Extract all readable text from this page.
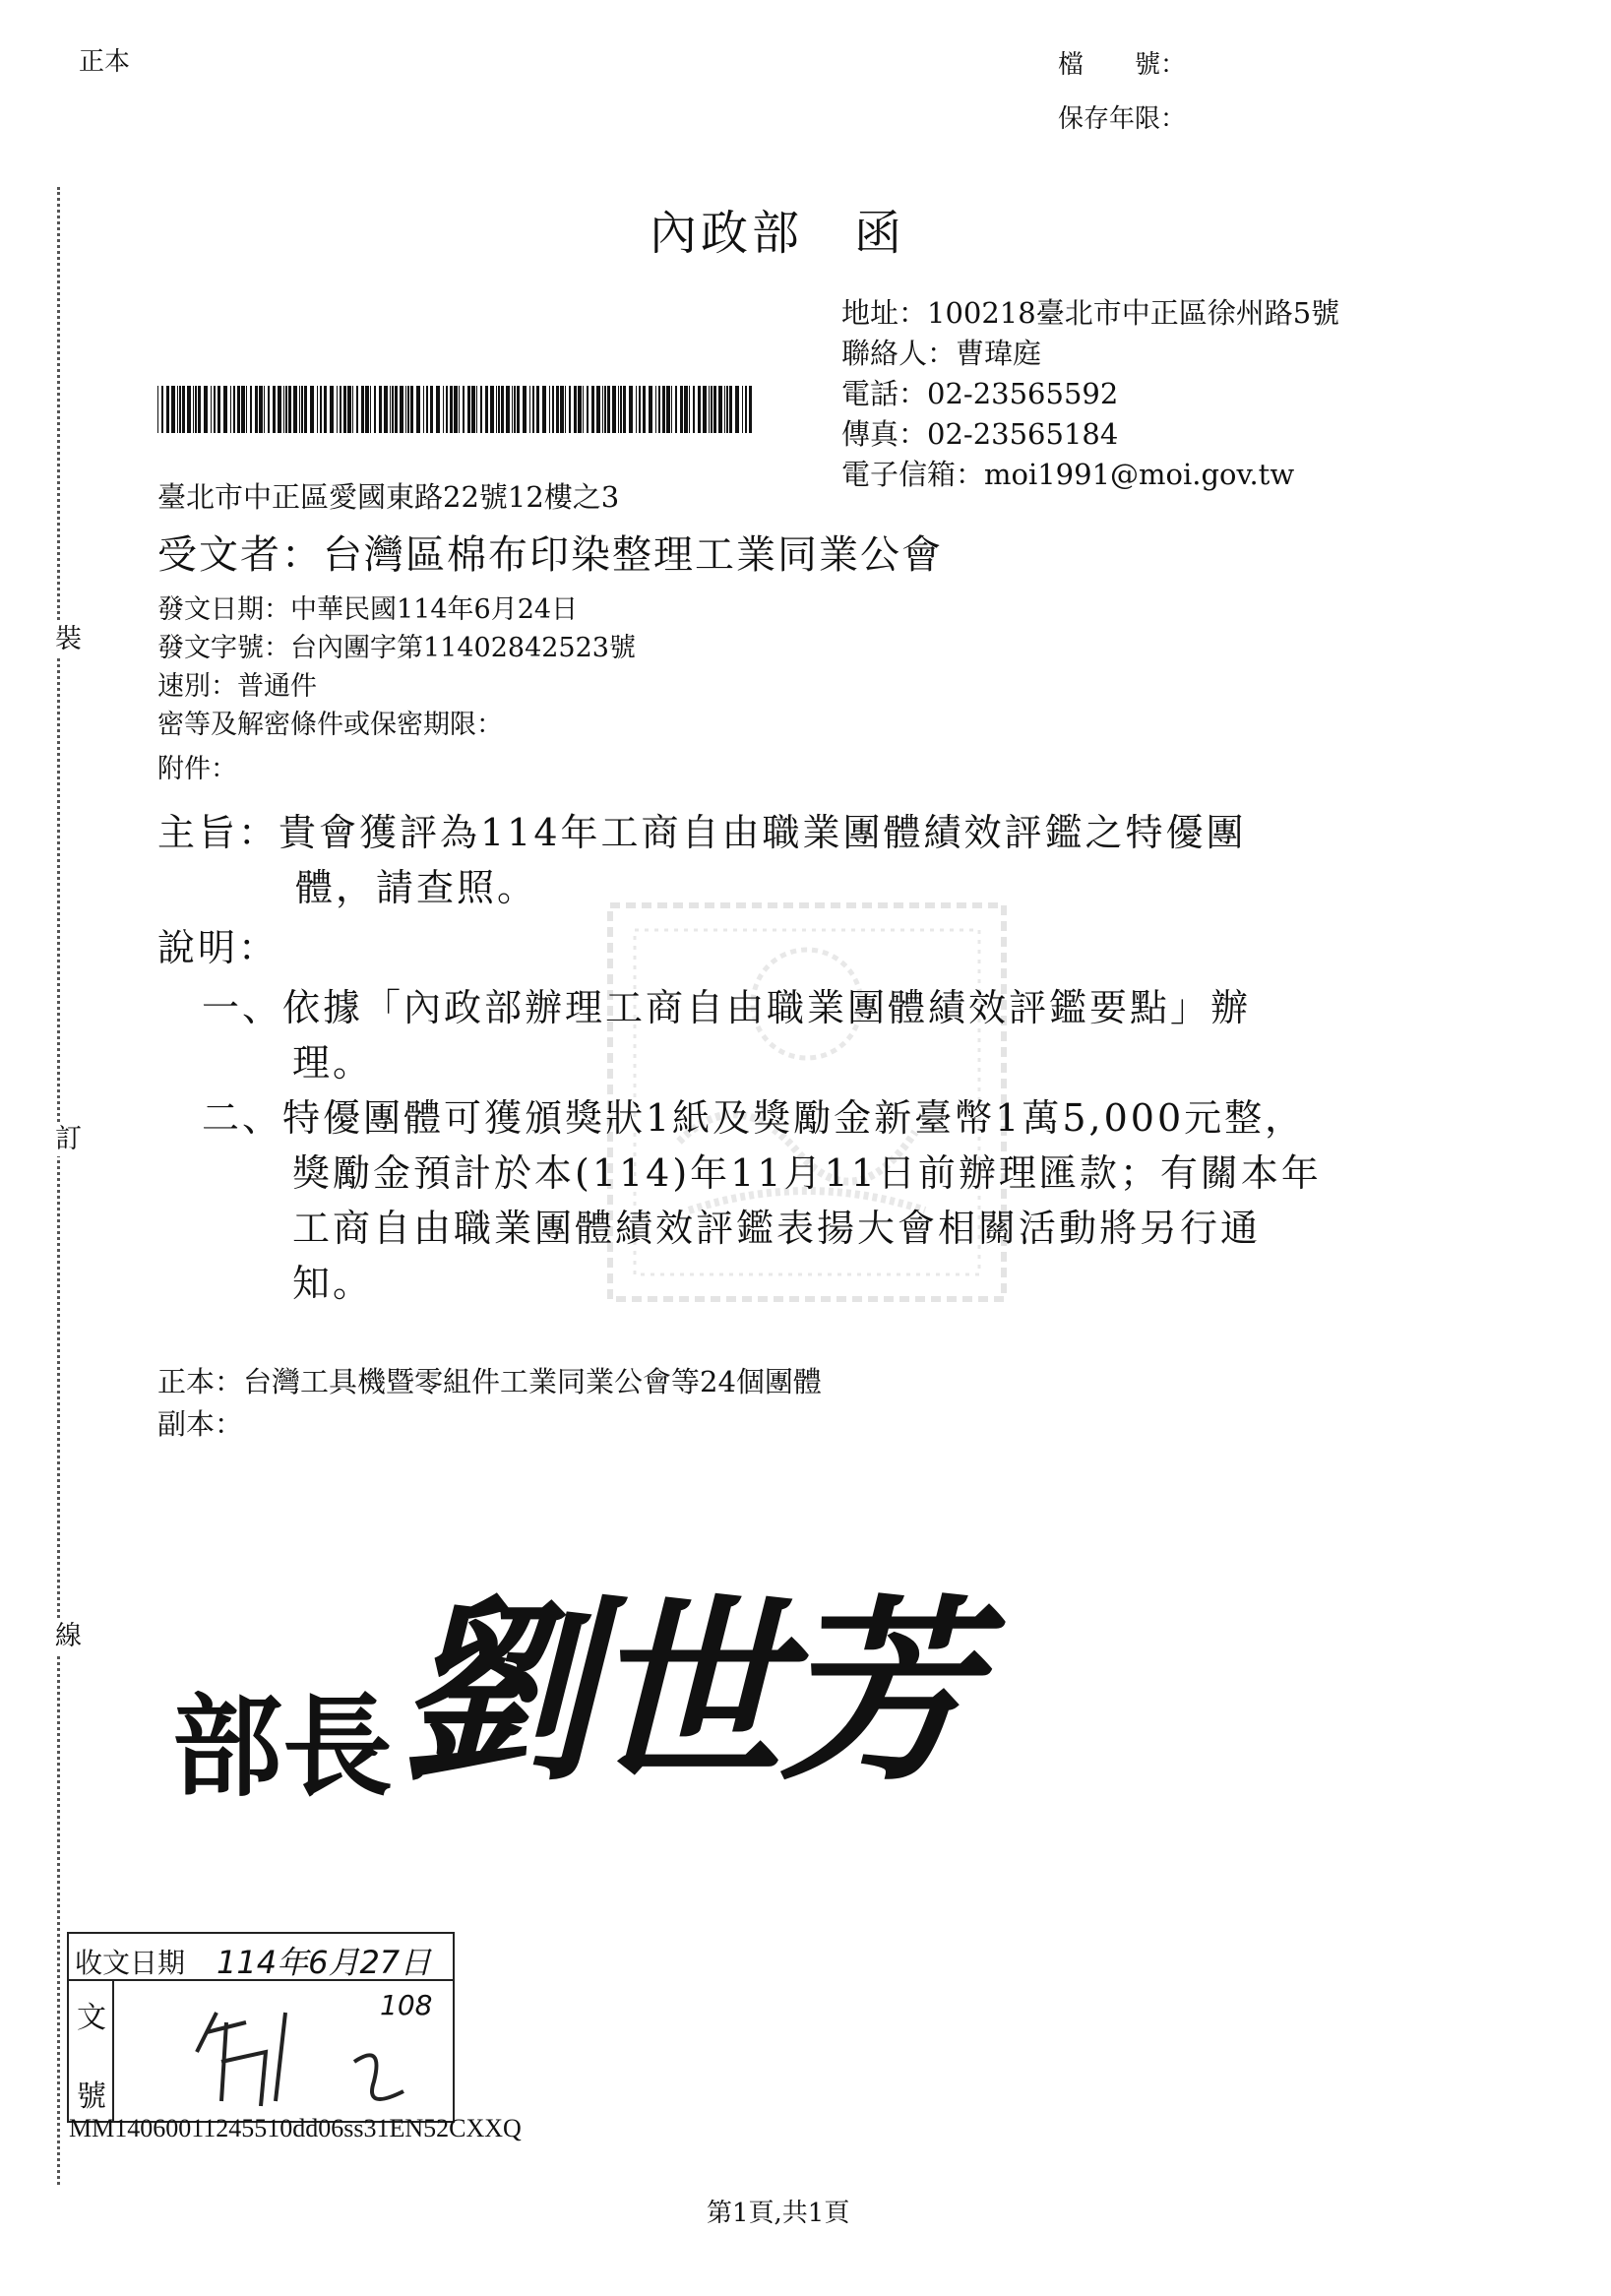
正本	檔　　號：
保存年限：
裝
訂
線
內政部　函
地址：100218臺北市中正區徐州路5號
聯絡人：曹瑋庭
電話：02-23565592
傳真：02-23565184
電子信箱：moi1991@moi.gov.tw
臺北市中正區愛國東路22號12樓之3
受文者：台灣區棉布印染整理工業同業公會
發文日期：中華民國114年6月24日
發文字號：台內團字第11402842523號
速別：普通件
密等及解密條件或保密期限：
附件：
主旨：貴會獲評為114年工商自由職業團體績效評鑑之特優團
體，請查照。
說明：
一、依據「內政部辦理工商自由職業團體績效評鑑要點」辦
理。
二、特優團體可獲頒獎狀1紙及獎勵金新臺幣1萬5,000元整，
獎勵金預計於本(114)年11月11日前辦理匯款；有關本年
工商自由職業團體績效評鑑表揚大會相關活動將另行通
知。
正本：台灣工具機暨零組件工業同業公會等24個團體
副本：
部長 劉世芳
收文日期 114年6月27日
文
號
108
MM14060011245510dd06ss31EN52CXXQ
第1頁,共1頁
